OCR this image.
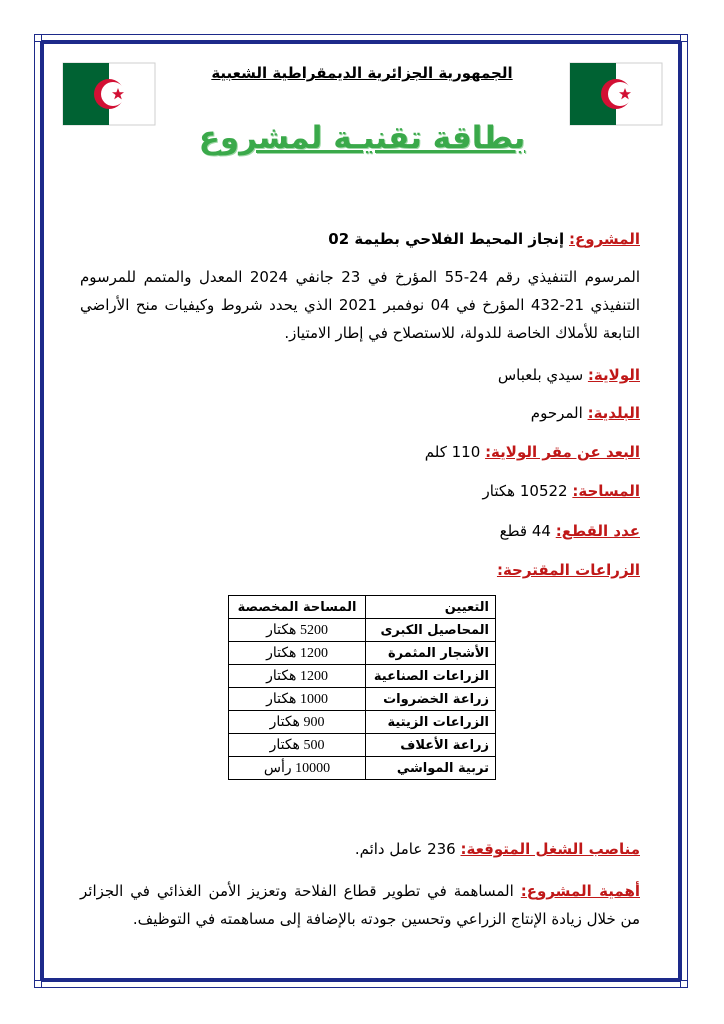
الجمهورية الجزائرية الديمقراطية الشعبية
بطاقة تقنيـة لمشروع
المشروع: إنجاز المحيط الفلاحي بطيمة 02
المرسوم التنفيذي رقم 24-55 المؤرخ في 23 جانفي 2024 المعدل والمتمم للمرسوم التنفيذي 21-432 المؤرخ في 04 نوفمبر 2021 الذي يحدد شروط وكيفيات منح الأراضي التابعة للأملاك الخاصة للدولة، للاستصلاح في إطار الامتياز.
الولاية: سيدي بلعباس
البلدية: المرحوم
البعد عن مقر الولاية: 110 كلم
المساحة: 10522 هكتار
عدد القطع: 44 قطع
الزراعات المقترحة:
التعيين	المساحة المخصصة
المحاصيل الكبرى	5200 هكتار
الأشجار المثمرة	1200 هكتار
الزراعات الصناعية	1200 هكتار
زراعة الخضروات	1000 هكتار
الزراعات الزيتية	900 هكتار
زراعة الأعلاف	500 هكتار
تربية المواشي	10000 رأس
مناصب الشغل المتوقعة: 236 عامل دائم.
أهمية المشروع: المساهمة في تطوير قطاع الفلاحة وتعزيز الأمن الغذائي في الجزائر من خلال زيادة الإنتاج الزراعي وتحسين جودته بالإضافة إلى مساهمته في التوظيف.
